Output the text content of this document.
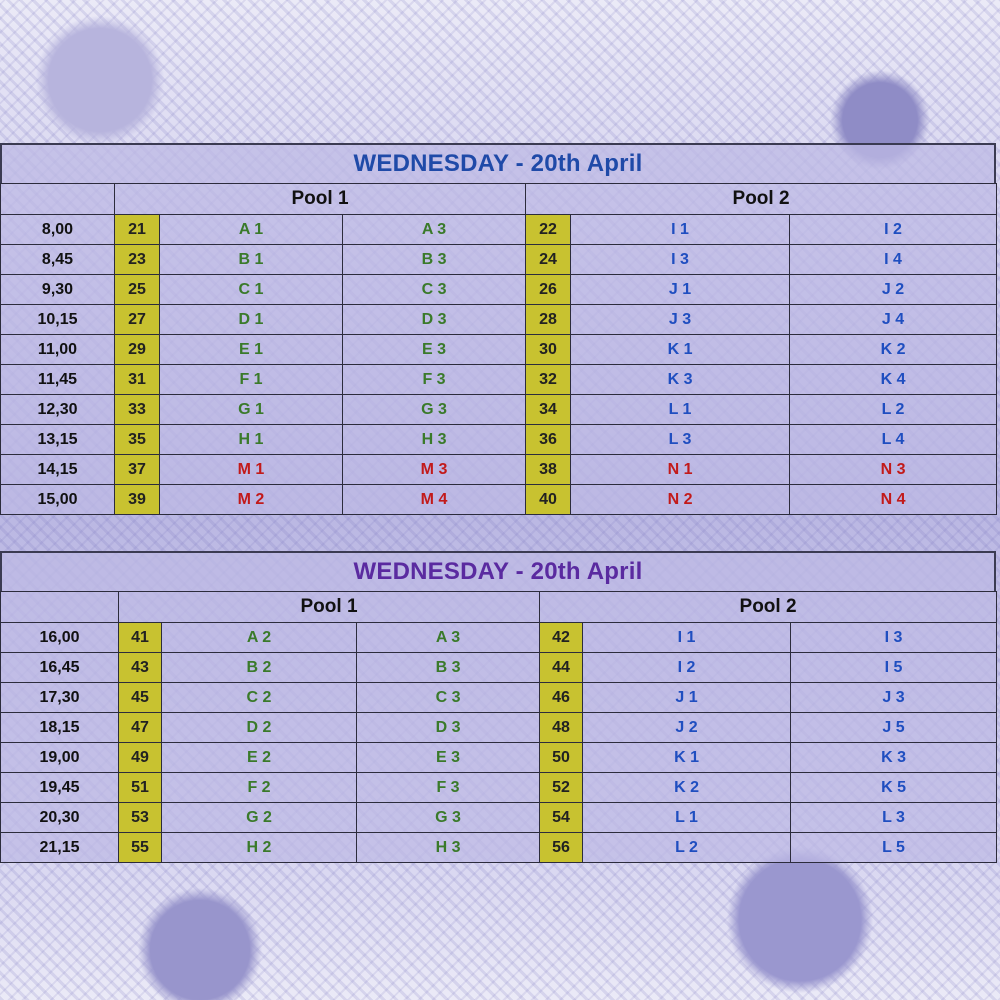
WEDNESDAY - 20th April
	Pool 1			Pool 2		
8,00	21	A 1	A 3	22	I 1	I 2
8,45	23	B 1	B 3	24	I 3	I 4
9,30	25	C 1	C 3	26	J 1	J 2
10,15	27	D 1	D 3	28	J 3	J 4
11,00	29	E 1	E 3	30	K 1	K 2
11,45	31	F 1	F 3	32	K 3	K 4
12,30	33	G 1	G 3	34	L 1	L 2
13,15	35	H 1	H 3	36	L 3	L 4
14,15	37	M 1	M 3	38	N 1	N 3
15,00	39	M 2	M 4	40	N 2	N 4
WEDNESDAY - 20th April
	Pool 1			Pool 2		
16,00	41	A 2	A 3	42	I 1	I 3
16,45	43	B 2	B 3	44	I 2	I 5
17,30	45	C 2	C 3	46	J 1	J 3
18,15	47	D 2	D 3	48	J 2	J 5
19,00	49	E 2	E 3	50	K 1	K 3
19,45	51	F 2	F 3	52	K 2	K 5
20,30	53	G 2	G 3	54	L 1	L 3
21,15	55	H 2	H 3	56	L 2	L 5
